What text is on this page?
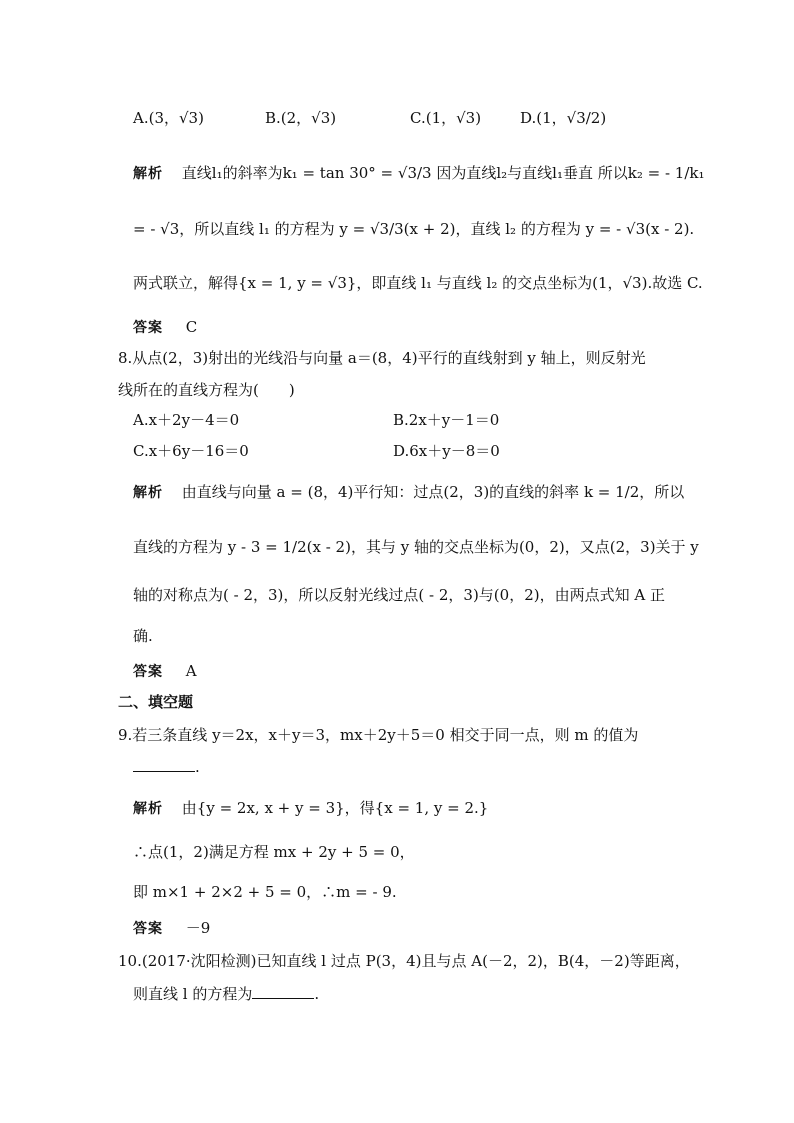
A.(3，√3)	B.(2，√3)	C.(1，√3)	D.(1，√3/2)
解析 直线l₁的斜率为k₁ = tan 30° = √3/3 因为直线l₂与直线l₁垂直 所以k₂ = - 1/k₁
= - √3，所以直线 l₁ 的方程为 y = √3/3(x + 2)，直线 l₂ 的方程为 y = - √3(x - 2).
两式联立，解得{x = 1, y = √3}，即直线 l₁ 与直线 l₂ 的交点坐标为(1，√3).故选 C.
答案 C
8.从点(2，3)射出的光线沿与向量 a＝(8，4)平行的直线射到 y 轴上，则反射光
线所在的直线方程为(　　)
A.x＋2y－4＝0	B.2x＋y－1＝0
C.x＋6y－16＝0	D.6x＋y－8＝0
解析 由直线与向量 a = (8，4)平行知：过点(2，3)的直线的斜率 k = 1/2，所以
直线的方程为 y - 3 = 1/2(x - 2)，其与 y 轴的交点坐标为(0，2)，又点(2，3)关于 y
轴的对称点为( - 2，3)，所以反射光线过点( - 2，3)与(0，2)，由两点式知 A 正
确.
答案 A
二、填空题
9.若三条直线 y＝2x，x＋y＝3，mx＋2y＋5＝0 相交于同一点，则 m 的值为
.
解析 由{y = 2x, x + y = 3}，得{x = 1, y = 2.}
∴点(1，2)满足方程 mx + 2y + 5 = 0，
即 m×1 + 2×2 + 5 = 0，∴m = - 9.
答案 －9
10.(2017·沈阳检测)已知直线 l 过点 P(3，4)且与点 A(－2，2)，B(4，－2)等距离，
则直线 l 的方程为	.
